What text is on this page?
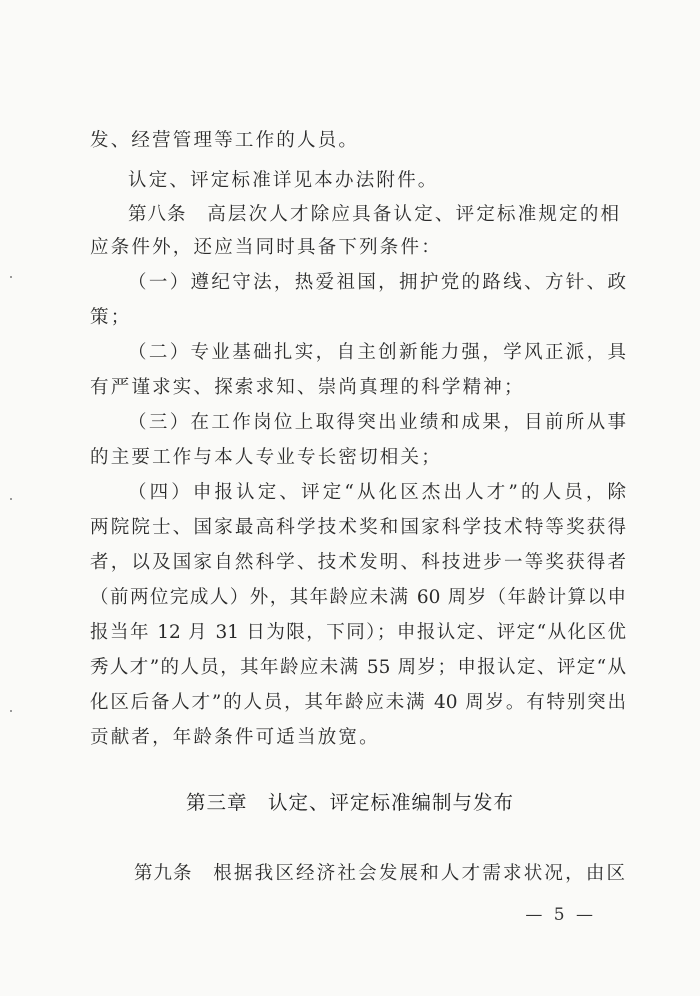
发、经营管理等工作的人员。
认定、评定标准详见本办法附件。
第八条　 高层次人才除应具备认定、评定标准规定的相
应条件外，还应当同时具备下列条件：
（一）遵纪守法，热爱祖国，拥护党的路线、方针、政
策；
（二）专业基础扎实，自主创新能力强，学风正派，具
有严谨求实、探索求知、崇尚真理的科学精神；
（三）在工作岗位上取得突出业绩和成果，目前所从事
的主要工作与本人专业专长密切相关；
（四）申报认定、评定“从化区杰出人才”的人员，除
两院院士、国家最高科学技术奖和国家科学技术特等奖获得
者，以及国家自然科学、技术发明、科技进步一等奖获得者
（前两位完成人）外，其年龄应未满 60 周岁（年龄计算以申
报当年 12 月 31 日为限，下同）；申报认定、评定“从化区优
秀人才”的人员，其年龄应未满 55 周岁；申报认定、评定“从
化区后备人才”的人员，其年龄应未满 40 周岁。有特别突出
贡献者，年龄条件可适当放宽。
第三章　认定、评定标准编制与发布
第九条　 根据我区经济社会发展和人才需求状况，由区
— 5 —
